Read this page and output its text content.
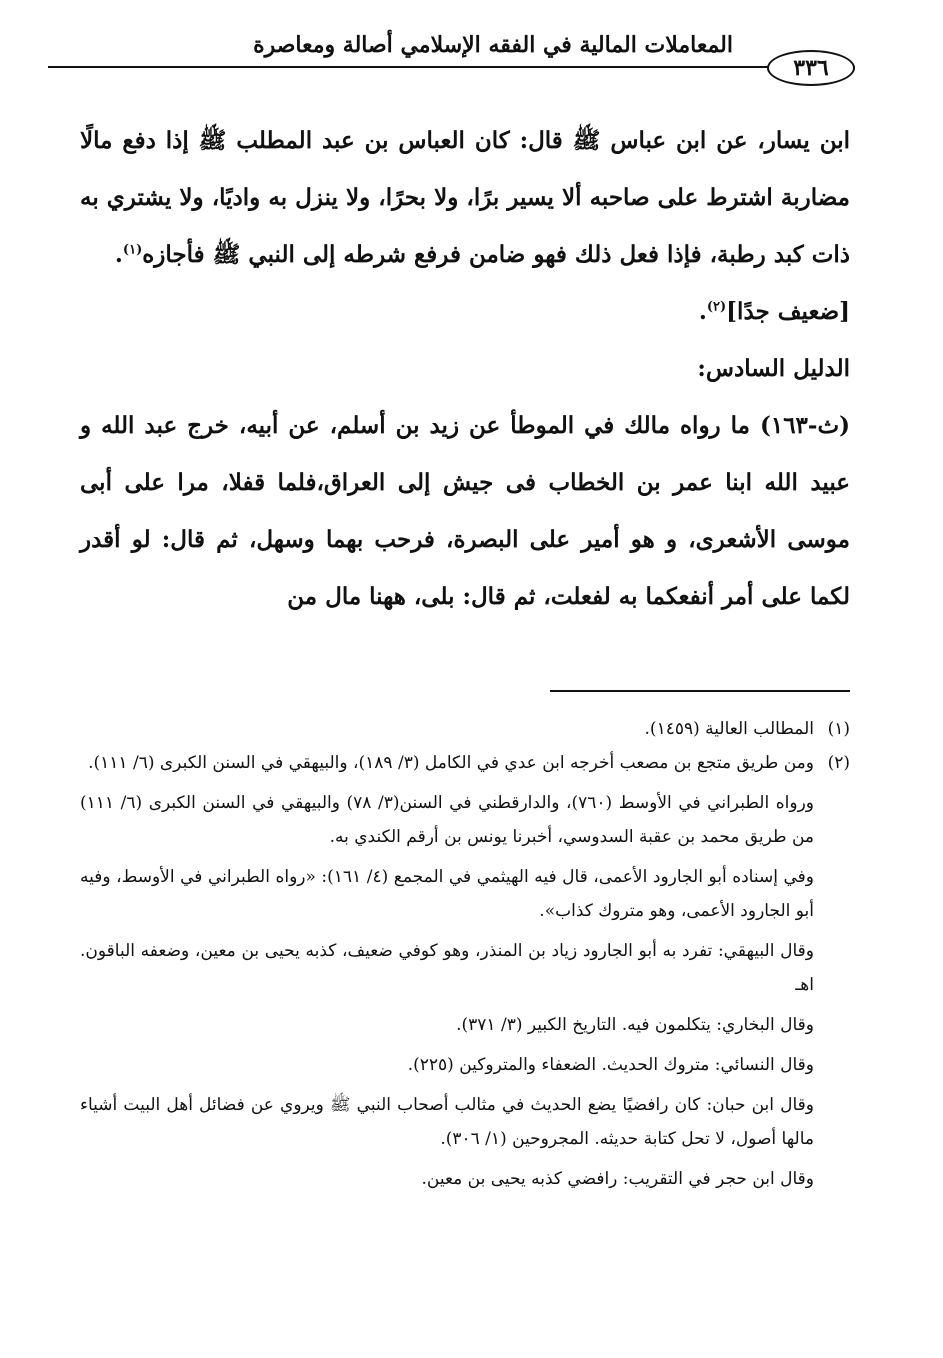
المعاملات المالية في الفقه الإسلامي أصالة ومعاصرة
٣٣٦

ابن يسار، عن ابن عباس ﷺ قال: كان العباس بن عبد المطلب ﷺ إذا دفع مالًا مضاربة اشترط على صاحبه ألا يسير برًا، ولا بحرًا، ولا ينزل به واديًا، ولا يشتري به ذات كبد رطبة، فإذا فعل ذلك فهو ضامن فرفع شرطه إلى النبي ﷺ فأجازه$^{(١)}$.

[ضعيف جدًا]$^{(٢)}$.

الدليل السادس:

(ث-١٦٣) ما رواه مالك في الموطأ عن زيد بن أسلم، عن أبيه، خرج عبد الله و عبيد الله ابنا عمر بن الخطاب فى جيش إلى العراق،فلما قفلا، مرا على أبى موسى الأشعرى، و هو أمير على البصرة، فرحب بهما وسهل، ثم قال: لو أقدر لكما على أمر أنفعكما به لفعلت، ثم قال: بلى، ههنا مال من

(١)المطالب العالية (١٤٥٩).

(٢)
ومن طريق متجع بن مصعب أخرجه ابن عدي في الكامل (٣/ ١٨٩)، والبيهقي في السنن الكبرى (٦/ ١١١).

ورواه الطبراني في الأوسط (٧٦٠)، والدارقطني في السنن(٣/ ٧٨) والبيهقي في السنن الكبرى (٦/ ١١١) من طريق محمد بن عقبة السدوسي، أخبرنا يونس بن أرقم الكندي به.

وفي إسناده أبو الجارود الأعمى، قال فيه الهيثمي في المجمع (٤/ ١٦١): «رواه الطبراني في الأوسط، وفيه أبو الجارود الأعمى، وهو متروك كذاب».

وقال البيهقي: تفرد به أبو الجارود زياد بن المنذر، وهو كوفي ضعيف، كذبه يحيى بن معين، وضعفه الباقون. اهـ

وقال البخاري: يتكلمون فيه. التاريخ الكبير (٣/ ٣٧١).

وقال النسائي: متروك الحديث. الضعفاء والمتروكين (٢٢٥).

وقال ابن حبان: كان رافضيًا يضع الحديث في مثالب أصحاب النبي ﷺ ويروي عن فضائل أهل البيت أشياء مالها أصول، لا تحل كتابة حديثه. المجروحين (١/ ٣٠٦).

وقال ابن حجر في التقريب: رافضي كذبه يحيى بن معين.
